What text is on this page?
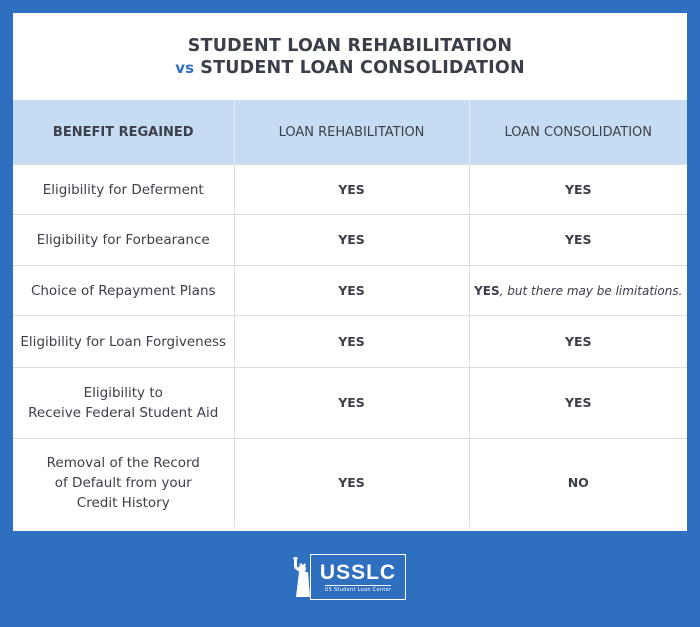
STUDENT LOAN REHABILITATION
vs STUDENT LOAN CONSOLIDATION
BENEFIT REGAINED	LOAN REHABILITATION	LOAN CONSOLIDATION
Eligibility for Deferment	YES	YES
Eligibility for Forbearance	YES	YES
Choice of Repayment Plans	YES	YES, but there may be limitations.
Eligibility for Loan Forgiveness	YES	YES

Eligibility to
Receive Federal Student Aid	YES	YES

Removal of the Record
of Default from your
Credit History	YES	NO
USSLC
US Student Loan Center
